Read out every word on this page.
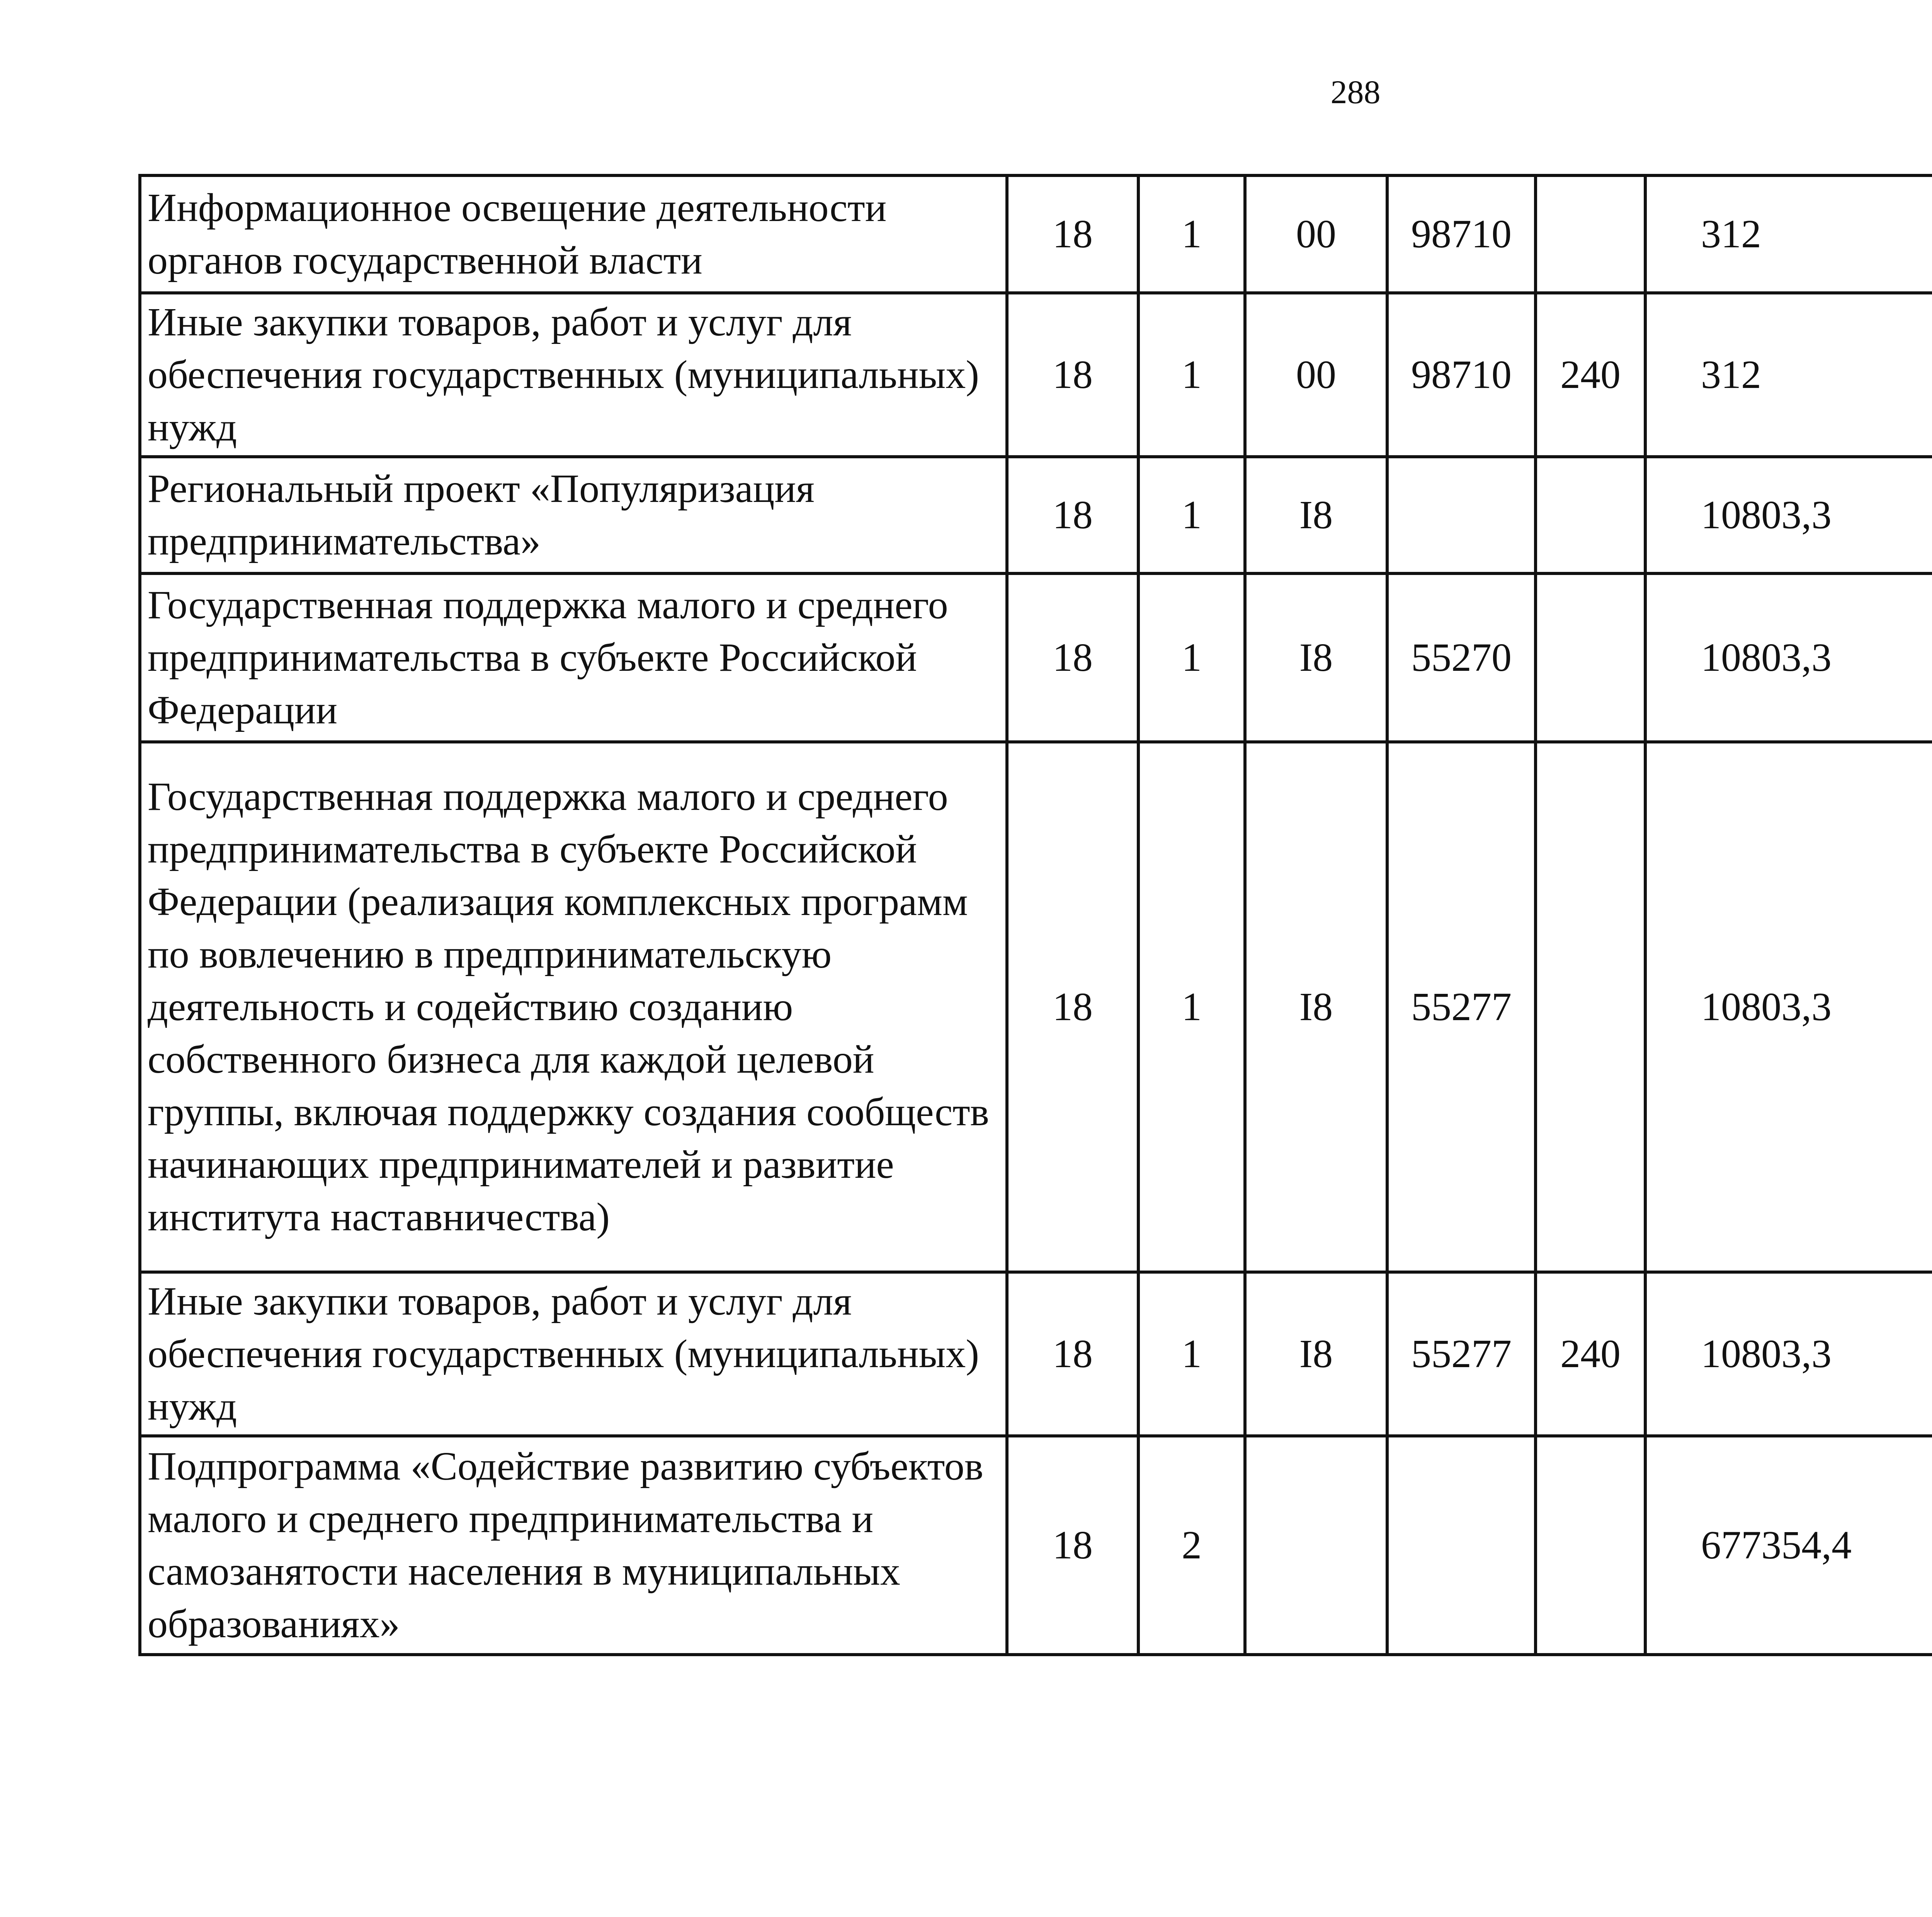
288
Информационное освещение деятельности органов государственной власти	18	1	00	98710		312		
Иные закупки товаров, работ и услуг для обеспечения государственных (муниципальных) нужд	18	1	00	98710	240	312		
Региональный проект «Популяризация предпринимательства»	18	1	I8			10803,3		
Государственная поддержка малого и среднего предпринимательства в субъекте Российской Федерации	18	1	I8	55270		10803,3		
Государственная поддержка малого и среднего предпринимательства в субъекте Российской Федерации (реализация комплексных программ по вовлечению в предпринимательскую деятельность и содействию созданию собственного бизнеса для каждой целевой группы, включая поддержку создания сообществ начинающих предпринимателей и развитие института наставничества)	18	1	I8	55277		10803,3		
Иные закупки товаров, работ и услуг для обеспечения государственных (муниципальных) нужд	18	1	I8	55277	240	10803,3		
Подпрограмма «Содействие развитию субъектов малого и среднего предпринимательства и самозанятости населения в муниципальных образованиях»	18	2				677354,4		
